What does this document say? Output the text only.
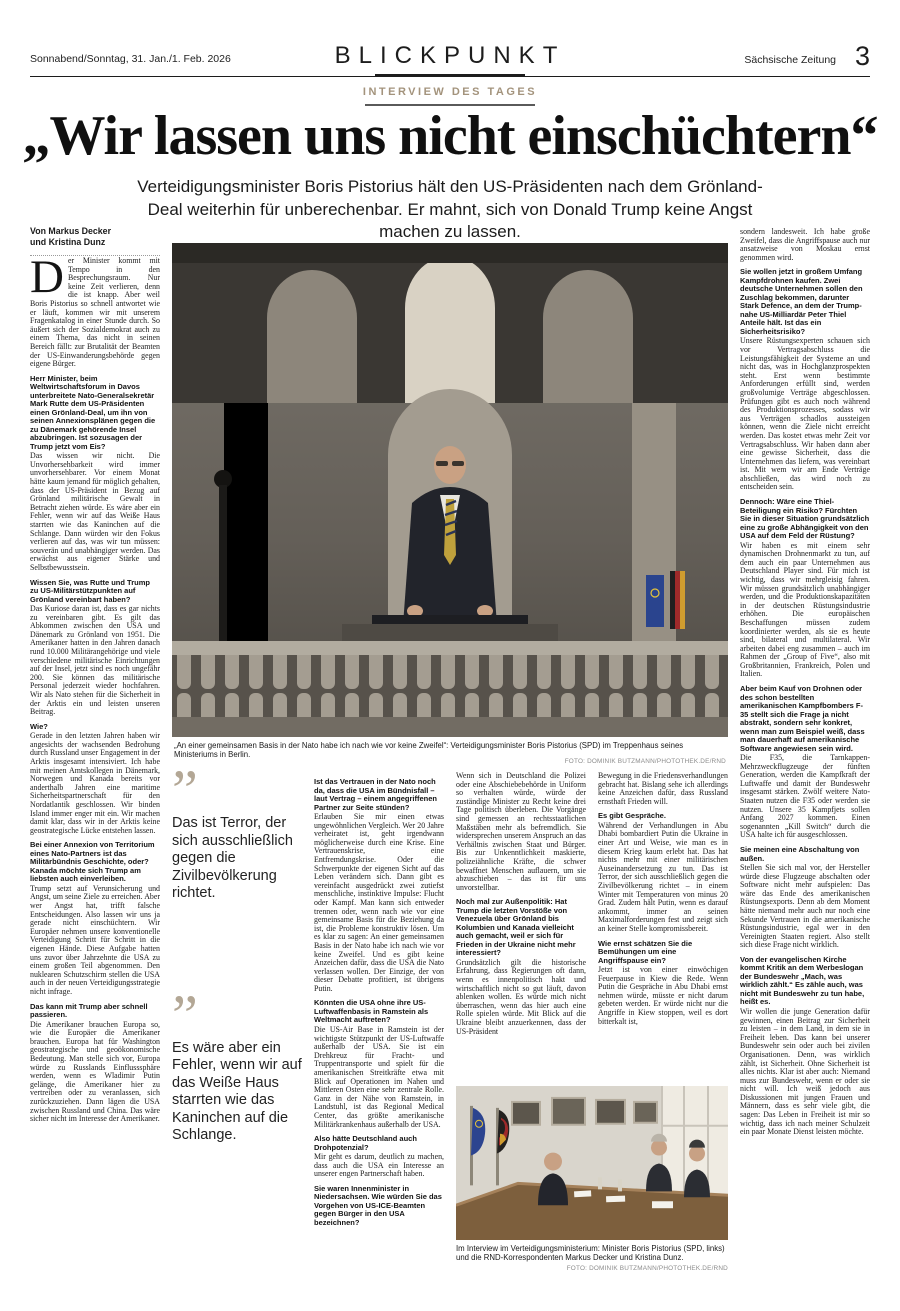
Sonnabend/Sonntag, 31. Jan./1. Feb. 2026	BLICKPUNKT	Sächsische Zeitung 3
INTERVIEW DES TAGES
„Wir lassen uns nicht einschüchtern“

Verteidigungsminister Boris Pistorius hält den US-Präsidenten nach dem Grönland-Deal weiterhin für unberechenbar. Er mahnt, sich von Donald Trump keine Angst machen zu lassen.

Von Markus Decker
und Kristina Dunz

Der Minister kommt mit Tempo in den Besprechungsraum. Nur keine Zeit verlieren, denn die ist knapp. Aber weil Boris Pistorius so schnell antwortet wie er läuft, kommen wir mit unserem Fragenkatalog in einer Stunde durch. So äußert sich der Sozialdemokrat auch zu einem Thema, das nicht in seinen Bereich fällt: zur Brutalität der Beamten der US-Einwanderungsbehörde gegen eigene Bürger.

Herr Minister, beim Weltwirtschaftsforum in Davos unterbreitete Nato-Generalsekretär Mark Rutte dem US-Präsidenten einen Grönland-Deal, um ihn von seinen Annexionsplänen gegen die zu Dänemark gehörende Insel abzubringen. Ist sozusagen der Trump jetzt vom Eis?

Das wissen wir nicht. Die Unvorhersehbarkeit wird immer unvorhersehbarer. Vor einem Monat hätte kaum jemand für möglich gehalten, dass der US-Präsident in Bezug auf Grönland militärische Gewalt in Betracht ziehen würde. Es wäre aber ein Fehler, wenn wir auf das Weiße Haus starrten wie das Kaninchen auf die Schlange. Dann würden wir den Fokus verlieren auf das, was wir tun müssen: souverän und unabhängiger werden. Das erwächst aus eigener Stärke und Selbstbewusstsein.

Wissen Sie, was Rutte und Trump zu US-Militärstützpunkten auf Grönland vereinbart haben?

Das Kuriose daran ist, dass es gar nichts zu vereinbaren gibt. Es gilt das Abkommen zwischen den USA und Dänemark zu Grönland von 1951. Die Amerikaner hatten in den Jahren danach rund 10.000 Militärangehörige und viele verschiedene militärische Einrichtungen auf der Insel, jetzt sind es noch ungefähr 200. Sie können das militärische Personal jederzeit wieder hochfahren. Wir als Nato stehen für die Sicherheit in der Arktis ein und leisten unseren Beitrag.

Wie?

Gerade in den letzten Jahren haben wir angesichts der wachsenden Bedrohung durch Russland unser Engagement in der Arktis insgesamt intensiviert. Ich habe mit meinen Amtskollegen in Dänemark, Norwegen und Kanada bereits vor anderthalb Jahren eine maritime Sicherheitspartnerschaft für den Nordatlantik geschlossen. Wir binden Island immer enger mit ein. Wir machen damit klar, dass wir in der Arktis keine geostrategische Lücke entstehen lassen.

Bei einer Annexion von Territorium eines Nato-Partners ist das Militärbündnis Geschichte, oder? Kanada möchte sich Trump am liebsten auch einverleiben.

Trump setzt auf Verunsicherung und Angst, um seine Ziele zu erreichen. Aber wer Angst hat, trifft falsche Entscheidungen. Also lassen wir uns ja gerade nicht einschüchtern. Wir Europäer nehmen unsere konventionelle Verteidigung Schritt für Schritt in die eigenen Hände. Diese Aufgabe hatten uns zuvor über Jahrzehnte die USA zu einem großen Teil abgenommen. Den nuklearen Schutzschirm stellen die USA auch in der neuen Verteidigungsstrategie nicht infrage.

Das kann mit Trump aber schnell passieren.

Die Amerikaner brauchen Europa so, wie die Europäer die Amerikaner brauchen. Europa hat für Washington geostrategische und geoökonomische Bedeutung. Man stelle sich vor, Europa würde zu Russlands Einflusssphäre werden, wenn es Wladimir Putin gelänge, die Amerikaner hier zu vertreiben oder zu veranlassen, sich zurückzuziehen. Dann lägen die USA zwischen Russland und China. Das wäre sicher nicht im Interesse der Amerikaner.

Ist das Vertrauen in der Nato noch da, dass die USA im Bündnisfall – laut Vertrag – einem angegriffenen Partner zur Seite stünden?

Erlauben Sie mir einen etwas ungewöhnlichen Vergleich. Wer 20 Jahre verheiratet ist, geht irgendwann möglicherweise durch eine Krise. Eine Vertrauenskrise, eine Entfremdungskrise. Oder die Schwerpunkte der eigenen Sicht auf das Leben verändern sich. Dann gibt es vereinfacht ausgedrückt zwei zutiefst menschliche, instinktive Impulse: Flucht oder Kampf. Man kann sich entweder trennen oder, wenn nach wie vor eine gemeinsame Basis für die Beziehung da ist, die Probleme konstruktiv lösen. Um es klar zu sagen: An einer gemeinsamen Basis in der Nato habe ich nach wie vor keine Zweifel. Und es gibt keine Anzeichen dafür, dass die USA die Nato verlassen wollen. Der Einzige, der von dieser Debatte profitiert, ist übrigens Putin.

Könnten die USA ohne ihre US-Luftwaffenbasis in Ramstein als Weltmacht auftreten?

Die US-Air Base in Ramstein ist der wichtigste Stützpunkt der US-Luftwaffe außerhalb der USA. Sie ist ein Drehkreuz für Fracht- und Truppentransporte und spielt für die amerikanischen Streitkräfte etwa mit Blick auf Operationen im Nahen und Mittleren Osten eine sehr zentrale Rolle. Ganz in der Nähe von Ramstein, in Landstuhl, ist das Regional Medical Center, das größte amerikanische Militärkrankenhaus außerhalb der USA.

Also hätte Deutschland auch Drohpotenzial?

Mir geht es darum, deutlich zu machen, dass auch die USA ein Interesse an unserer engen Partnerschaft haben.

Sie waren Innenminister in Niedersachsen. Wie würden Sie das Vorgehen von US-ICE-Beamten gegen Bürger in den USA bezeichnen?

Wenn sich in Deutschland die Polizei oder eine Abschiebebehörde in Uniform so verhalten würde, würde der zuständige Minister zu Recht keine drei Tage politisch überleben. Die Vorgänge sind gemessen an rechtsstaatlichen Maßstäben mehr als befremdlich. Sie widersprechen unserem Anspruch an das Verhältnis zwischen Staat und Bürger. Bis zur Unkenntlichkeit maskierte, polizeiähnliche Kräfte, die schwer bewaffnet Menschen auflauern, um sie abzuschieben – das ist für uns unvorstellbar.

Noch mal zur Außenpolitik: Hat Trump die letzten Vorstöße von Venezuela über Grönland bis Kolumbien und Kanada vielleicht auch gemacht, weil er sich für Frieden in der Ukraine nicht mehr interessiert?

Grundsätzlich gilt die historische Erfahrung, dass Regierungen oft dann, wenn es innenpolitisch hakt und wirtschaftlich nicht so gut läuft, davon ablenken wollen. Es würde mich nicht überraschen, wenn das hier auch eine Rolle spielen würde. Mit Blick auf die Ukraine bleibt anzuerkennen, dass der US-Präsident

Bewegung in die Friedensverhandlungen gebracht hat. Bislang sehe ich allerdings keine Anzeichen dafür, dass Russland ernsthaft Frieden will.

Es gibt Gespräche.

Während der Verhandlungen in Abu Dhabi bombardiert Putin die Ukraine in einer Art und Weise, wie man es in diesem Krieg kaum erlebt hat. Das hat nichts mehr mit einer militärischen Auseinandersetzung zu tun. Das ist Terror, der sich ausschließlich gegen die Zivilbevölkerung richtet – in einem Winter mit Temperaturen von minus 20 Grad. Zudem hält Putin, wenn es darauf ankommt, immer an seinen Maximalforderungen fest und zeigt sich an keiner Stelle kompromissbereit.

Wie ernst schätzen Sie die Bemühungen um eine Angriffspause ein?

Jetzt ist von einer einwöchigen Feuerpause in Kiew die Rede. Wenn Putin die Gespräche in Abu Dhabi ernst nehmen würde, müsste er nicht darum gebeten werden. Er würde nicht nur die Angriffe in Kiew stoppen, weil es dort bitterkalt ist,

sondern landesweit. Ich habe große Zweifel, dass die Angriffspause auch nur ansatzweise von Moskau ernst genommen wird.

Sie wollen jetzt in großem Umfang Kampfdrohnen kaufen. Zwei deutsche Unternehmen sollen den Zuschlag bekommen, darunter Stark Defence, an dem der Trump-nahe US-Milliardär Peter Thiel Anteile hält. Ist das ein Sicherheitsrisiko?

Unsere Rüstungsexperten schauen sich vor Vertragsabschluss die Leistungsfähigkeit der Systeme an und nicht das, was in Hochglanzprospekten steht. Erst wenn bestimmte Anforderungen erfüllt sind, werden großvolumige Verträge abgeschlossen. Prüfungen gibt es auch noch während des Produktionsprozesses, sodass wir aus Verträgen schadlos aussteigen können, wenn die Ziele nicht erreicht werden. Das kostet etwas mehr Zeit vor Vertragsabschluss. Wir haben dann aber eine gewisse Sicherheit, dass die Unternehmen das liefern, was vereinbart ist. Mit wem wir am Ende Verträge abschließen, das wird noch zu entscheiden sein.

Dennoch: Wäre eine Thiel-Beteiligung ein Risiko? Fürchten Sie in dieser Situation grundsätzlich eine zu große Abhängigkeit von den USA auf dem Feld der Rüstung?

Wir haben es mit einem sehr dynamischen Drohnenmarkt zu tun, auf dem auch ein paar Unternehmen aus Deutschland Player sind. Für mich ist wichtig, dass wir mehrgleisig fahren. Wir müssen grundsätzlich unabhängiger werden, und die Produktionskapazitäten in der deutschen Rüstungsindustrie erhöhen. Die europäischen Beschaffungen müssen zudem koordinierter werden, als sie es heute sind, bilateral und multilateral. Wir arbeiten dabei eng zusammen – auch im Rahmen der „Group of Five“, also mit Großbritannien, Frankreich, Polen und Italien.

Aber beim Kauf von Drohnen oder des schon bestellten amerikanischen Kampfbombers F-35 stellt sich die Frage ja nicht abstrakt, sondern sehr konkret, wenn man zum Beispiel weiß, dass man dauerhaft auf amerikanische Software angewiesen sein wird.

Die F35, die Tarnkappen-Mehrzweckflugzeuge der fünften Generation, werden die Kampfkraft der Luftwaffe und damit der Bundeswehr insgesamt stärken. Zwölf weitere Nato-Staaten nutzen die F35 oder werden sie nutzen. Unsere 35 Kampfjets sollen Anfang 2027 kommen. Einen sogenannten „Kill Switch“ durch die USA halte ich für ausgeschlossen.

Sie meinen eine Abschaltung von außen.

Stellen Sie sich mal vor, der Hersteller würde diese Flugzeuge abschalten oder Software nicht mehr aufspielen: Das wäre das Ende des amerikanischen Rüstungsexports. Denn ab dem Moment hätte niemand mehr auch nur noch eine Sekunde Vertrauen in die amerikanische Rüstungsindustrie, egal wer in den Vereinigten Staaten regiert. Also stellt sich diese Frage nicht wirklich.

Von der evangelischen Kirche kommt Kritik an dem Werbeslogan der Bundeswehr „Mach, was wirklich zählt.“ Es zähle auch, was nicht mit Bundeswehr zu tun habe, heißt es.

Wir wollen die junge Generation dafür gewinnen, einen Beitrag zur Sicherheit zu leisten – in dem Land, in dem sie in Freiheit leben. Das kann bei unserer Bundeswehr sein oder auch bei zivilen Organisationen. Denn, was wirklich zählt, ist Sicherheit. Ohne Sicherheit ist alles nichts. Klar ist aber auch: Niemand muss zur Bundeswehr, wenn er oder sie nicht will. Ich weiß jedoch aus Diskussionen mit jungen Frauen und Männern, dass es sehr viele gibt, die sagen: Das Leben in Freiheit ist mir so wichtig, dass ich nach meiner Schulzeit ein paar Monate Dienst leisten möchte.

„An einer gemeinsamen Basis in der Nato habe ich nach wie vor keine Zweifel“: Verteidigungsminister Boris Pistorius (SPD) im Treppenhaus seines Ministeriums in Berlin.
FOTO: DOMINIK BUTZMANN/PHOTOTHEK.DE/RND
”
Das ist Terror, der sich ausschließlich gegen die Zivilbevölkerung richtet.
”
Es wäre aber ein Fehler, wenn wir auf das Weiße Haus starrten wie das Kaninchen auf die Schlange.
Im Interview im Verteidigungsministerium: Minister Boris Pistorius (SPD, links) und die RND-Korrespondenten Markus Decker und Kristina Dunz.
FOTO: DOMINIK BUTZMANN/PHOTOTHEK.DE/RND
